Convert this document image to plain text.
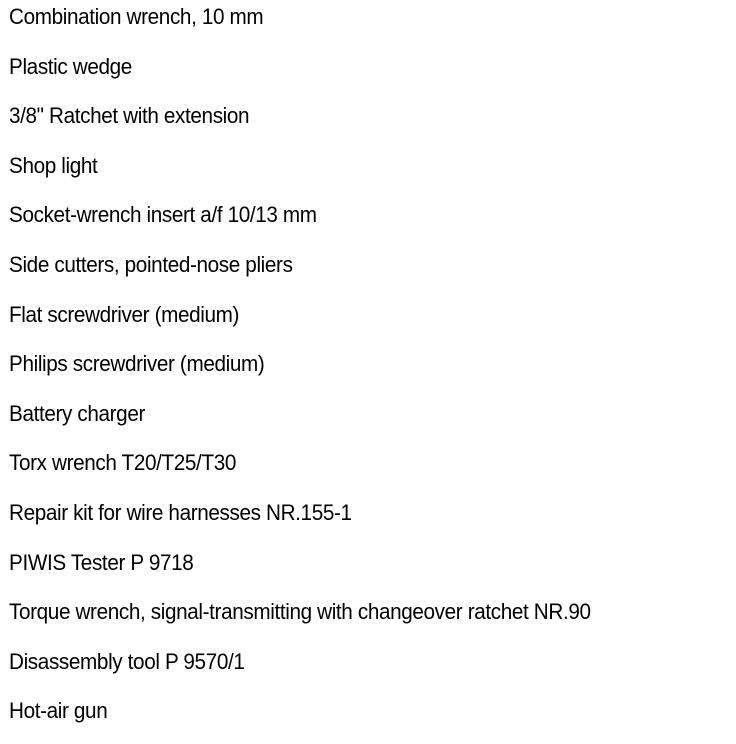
Combination wrench, 10 mm
Plastic wedge
3/8" Ratchet with extension
Shop light
Socket-wrench insert a/f 10/13 mm
Side cutters, pointed-nose pliers
Flat screwdriver (medium)
Philips screwdriver (medium)
Battery charger
Torx wrench T20/T25/T30
Repair kit for wire harnesses NR.155-1
PIWIS Tester P 9718
Torque wrench, signal-transmitting with changeover ratchet NR.90
Disassembly tool P 9570/1
Hot-air gun
